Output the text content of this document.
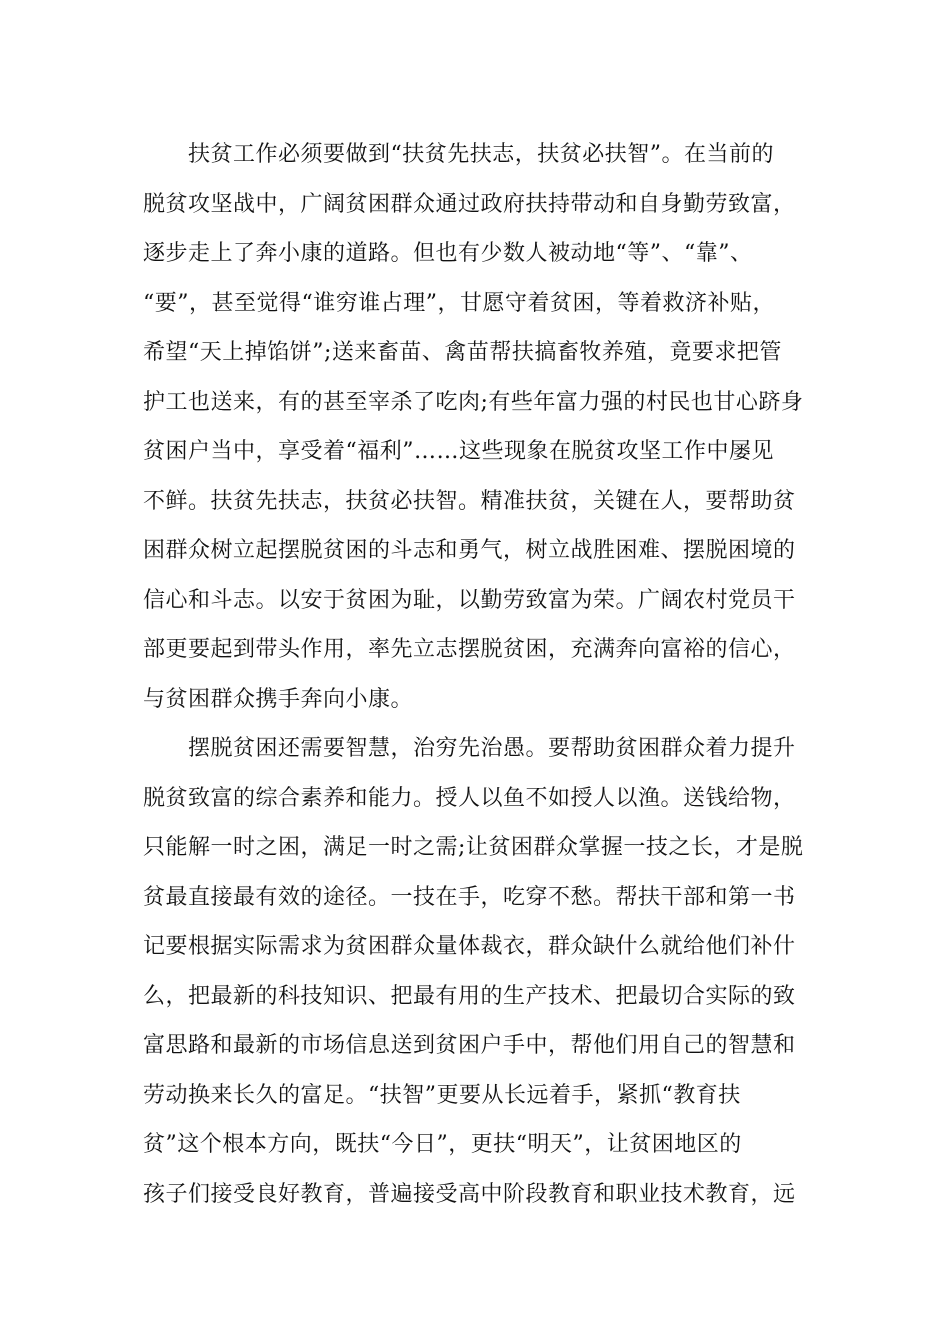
　　扶贫工作必须要做到“扶贫先扶志，扶贫必扶智”。在当前的
脱贫攻坚战中，广阔贫困群众通过政府扶持带动和自身勤劳致富，
逐步走上了奔小康的道路。但也有少数人被动地“等”、“靠”、
“要”，甚至觉得“谁穷谁占理”，甘愿守着贫困，等着救济补贴，
希望“天上掉馅饼”;送来畜苗、禽苗帮扶搞畜牧养殖，竟要求把管
护工也送来，有的甚至宰杀了吃肉;有些年富力强的村民也甘心跻身
贫困户当中，享受着“福利”……这些现象在脱贫攻坚工作中屡见
不鲜。扶贫先扶志，扶贫必扶智。精准扶贫，关键在人，要帮助贫
困群众树立起摆脱贫困的斗志和勇气，树立战胜困难、摆脱困境的
信心和斗志。以安于贫困为耻，以勤劳致富为荣。广阔农村党员干
部更要起到带头作用，率先立志摆脱贫困，充满奔向富裕的信心，
与贫困群众携手奔向小康。
　　摆脱贫困还需要智慧，治穷先治愚。要帮助贫困群众着力提升
脱贫致富的综合素养和能力。授人以鱼不如授人以渔。送钱给物，
只能解一时之困，满足一时之需;让贫困群众掌握一技之长，才是脱
贫最直接最有效的途径。一技在手，吃穿不愁。帮扶干部和第一书
记要根据实际需求为贫困群众量体裁衣，群众缺什么就给他们补什
么，把最新的科技知识、把最有用的生产技术、把最切合实际的致
富思路和最新的市场信息送到贫困户手中，帮他们用自己的智慧和
劳动换来长久的富足。“扶智”更要从长远着手，紧抓“教育扶
贫”这个根本方向，既扶“今日”，更扶“明天”，让贫困地区的
孩子们接受良好教育，普遍接受高中阶段教育和职业技术教育，远
